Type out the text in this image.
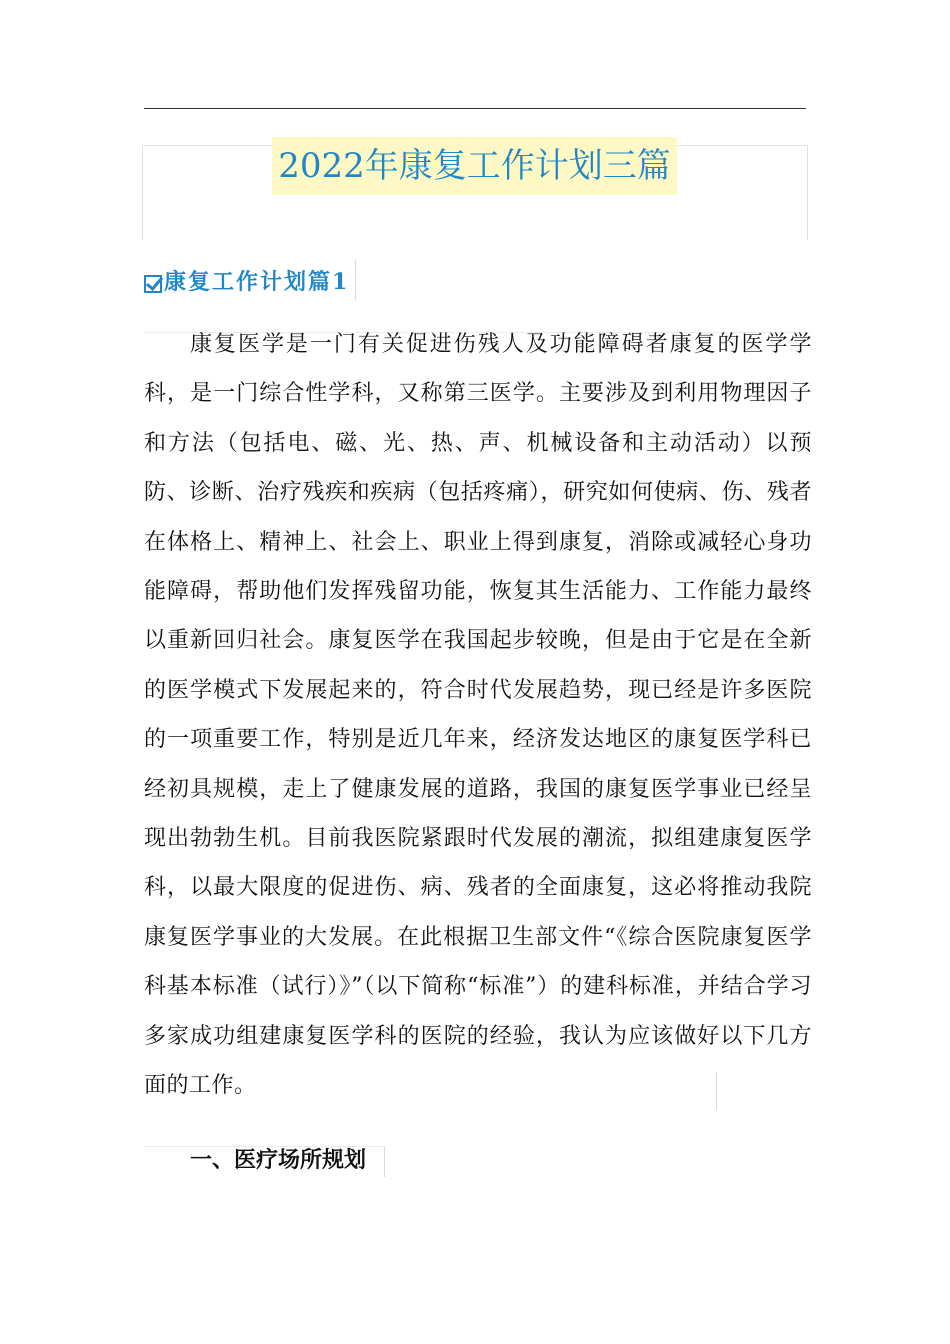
2022年康复工作计划三篇
康复工作计划篇1

康复医学是一门有关促进伤残人及功能障碍者康复的医学学科，是一门综合性学科，又称第三医学。主要涉及到利用物理因子和方法（包括电、磁、光、热、声、机械设备和主动活动）以预防、诊断、治疗残疾和疾病（包括疼痛），研究如何使病、伤、残者在体格上、精神上、社会上、职业上得到康复，消除或减轻心身功能障碍，帮助他们发挥残留功能，恢复其生活能力、工作能力最终以重新回归社会。康复医学在我国起步较晚，但是由于它是在全新的医学模式下发展起来的，符合时代发展趋势，现已经是许多医院的一项重要工作，特别是近几年来，经济发达地区的康复医学科已经初具规模，走上了健康发展的道路，我国的康复医学事业已经呈现出勃勃生机。目前我医院紧跟时代发展的潮流，拟组建康复医学科，以最大限度的促进伤、病、残者的全面康复，这必将推动我院康复医学事业的大发展。在此根据卫生部文件“《综合医院康复医学科基本标准（试行）》”（以下简称“标准”）的建科标准，并结合学习多家成功组建康复医学科的医院的经验，我认为应该做好以下几方面的工作。

一、医疗场所规划
